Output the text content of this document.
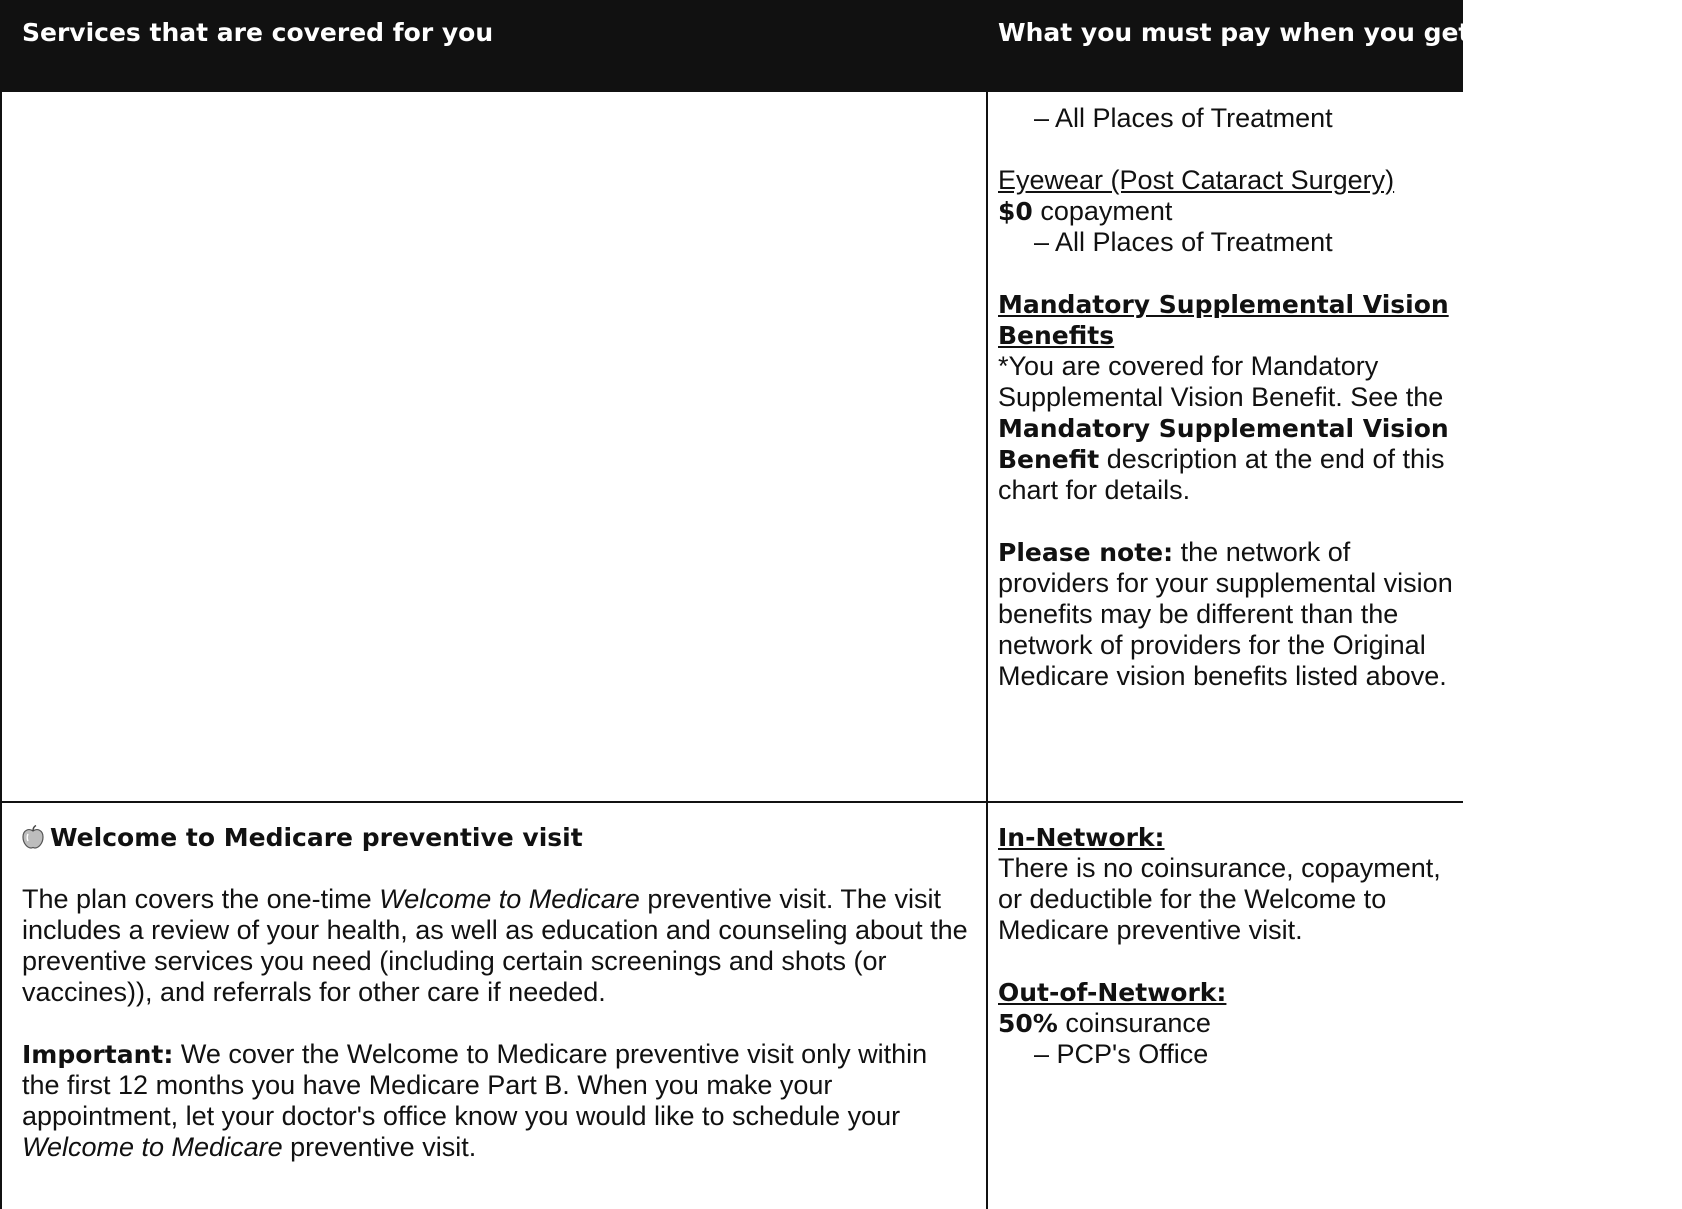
Services that are covered for you	What you must pay when you get these services

– All Places of Treatment

Eyewear (Post Cataract Surgery)

$0 copayment

– All Places of Treatment

Mandatory Supplemental Vision Benefits

*You are covered for Mandatory Supplemental Vision Benefit. See the Mandatory Supplemental Vision Benefit description at the end of this chart for details.

Please note: the network of providers for your supplemental vision benefits may be different than the network of providers for the Original Medicare vision benefits listed above.

Welcome to Medicare preventive visit

The plan covers the one-time Welcome to Medicare preventive visit. The visit includes a review of your health, as well as education and counseling about the preventive services you need (including certain screenings and shots (or vaccines)), and referrals for other care if needed.

Important: We cover the Welcome to Medicare preventive visit only within the first 12 months you have Medicare Part B. When you make your appointment, let your doctor's office know you would like to schedule your Welcome to Medicare preventive visit.

In-Network:

There is no coinsurance, copayment, or deductible for the Welcome to Medicare preventive visit.

Out-of-Network:

50% coinsurance

– PCP's Office
